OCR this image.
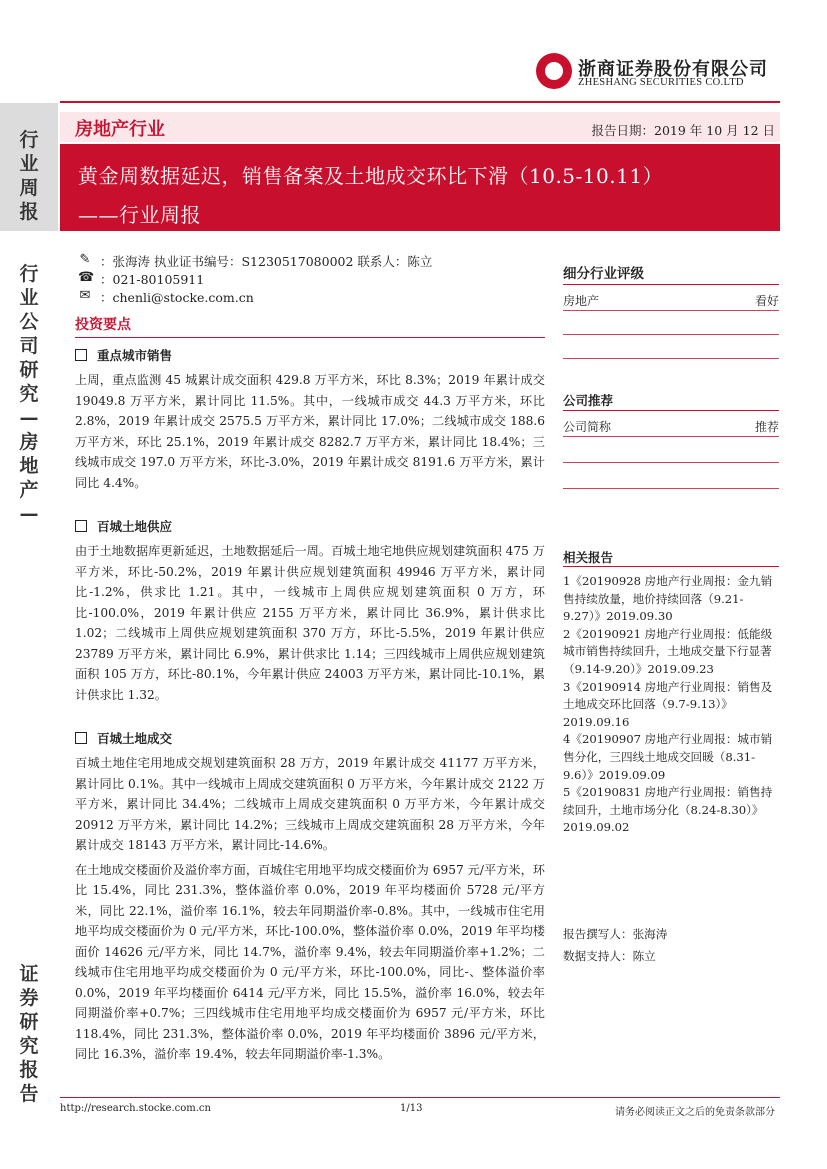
浙商证券股份有限公司
ZHESHANG SECURITIES CO.LTD
行
业
周
报
行
业
公
司
研
究
—
房
地
产
—
证
券
研
究
报
告
房地产行业	报告日期：2019 年 10 月 12 日
黄金周数据延迟，销售备案及土地成交环比下滑（10.5-10.11）
——行业周报
✎ ：张海涛 执业证书编号：S1230517080002 联系人：陈立
☎ ：021-80105911
✉ ：chenli@stocke.com.cn
投资要点
重点城市销售

上周，重点监测 45 城累计成交面积 429.8 万平方米，环比 8.3%；2019 年累计成交 19049.8 万平方米，累计同比 11.5%。其中，一线城市成交 44.3 万平方米，环比 2.8%，2019 年累计成交 2575.5 万平方米，累计同比 17.0%；二线城市成交 188.6 万平方米，环比 25.1%，2019 年累计成交 8282.7 万平方米，累计同比 18.4%；三线城市成交 197.0 万平方米，环比-3.0%，2019 年累计成交 8191.6 万平方米，累计同比 4.4%。

百城土地供应

由于土地数据库更新延迟，土地数据延后一周。百城土地宅地供应规划建筑面积 475 万平方米，环比-50.2%，2019 年累计供应规划建筑面积 49946 万平方米，累计同比-1.2%，供求比 1.21。其中，一线城市上周供应规划建筑面积 0 万方，环比-100.0%，2019 年累计供应 2155 万平方米，累计同比 36.9%，累计供求比 1.02；二线城市上周供应规划建筑面积 370 万方，环比-5.5%，2019 年累计供应 23789 万平方米，累计同比 6.9%，累计供求比 1.14；三四线城市上周供应规划建筑面积 105 万方，环比-80.1%，今年累计供应 24003 万平方米，累计同比-10.1%，累计供求比 1.32。

百城土地成交

百城土地住宅用地成交规划建筑面积 28 万方，2019 年累计成交 41177 万平方米，累计同比 0.1%。其中一线城市上周成交建筑面积 0 万平方米，今年累计成交 2122 万平方米，累计同比 34.4%；二线城市上周成交建筑面积 0 万平方米，今年累计成交 20912 万平方米，累计同比 14.2%；三线城市上周成交建筑面积 28 万平方米，今年累计成交 18143 万平方米，累计同比-14.6%。

在土地成交楼面价及溢价率方面，百城住宅用地平均成交楼面价为 6957 元/平方米，环比 15.4%，同比 231.3%，整体溢价率 0.0%，2019 年平均楼面价 5728 元/平方米，同比 22.1%，溢价率 16.1%，较去年同期溢价率-0.8%。其中，一线城市住宅用地平均成交楼面价为 0 元/平方米，环比-100.0%，整体溢价率 0.0%，2019 年平均楼面价 14626 元/平方米，同比 14.7%，溢价率 9.4%，较去年同期溢价率+1.2%；二线城市住宅用地平均成交楼面价为 0 元/平方米，环比-100.0%，同比-、整体溢价率 0.0%，2019 年平均楼面价 6414 元/平方米，同比 15.5%，溢价率 16.0%，较去年同期溢价率+0.7%；三四线城市住宅用地平均成交楼面价为 6957 元/平方米，环比 118.4%，同比 231.3%，整体溢价率 0.0%，2019 年平均楼面价 3896 元/平方米，同比 16.3%，溢价率 19.4%，较去年同期溢价率-1.3%。

细分行业评级
房地产	看好
公司推荐
公司简称	推荐
相关报告

1《20190928 房地产行业周报：金九销售持续放量，地价持续回落（9.21-9.27）》2019.09.30

2《20190921 房地产行业周报：低能级城市销售持续回升，土地成交量下行显著（9.14-9.20）》2019.09.23

3《20190914 房地产行业周报：销售及土地成交环比回落（9.7-9.13）》2019.09.16

4《20190907 房地产行业周报：城市销售分化，三四线土地成交回暖（8.31-9.6）》2019.09.09

5《20190831 房地产行业周报：销售持续回升，土地市场分化（8.24-8.30）》2019.09.02

报告撰写人：张海涛
数据支持人：陈立
http://research.stocke.com.cn	1/13	请务必阅读正文之后的免责条款部分
